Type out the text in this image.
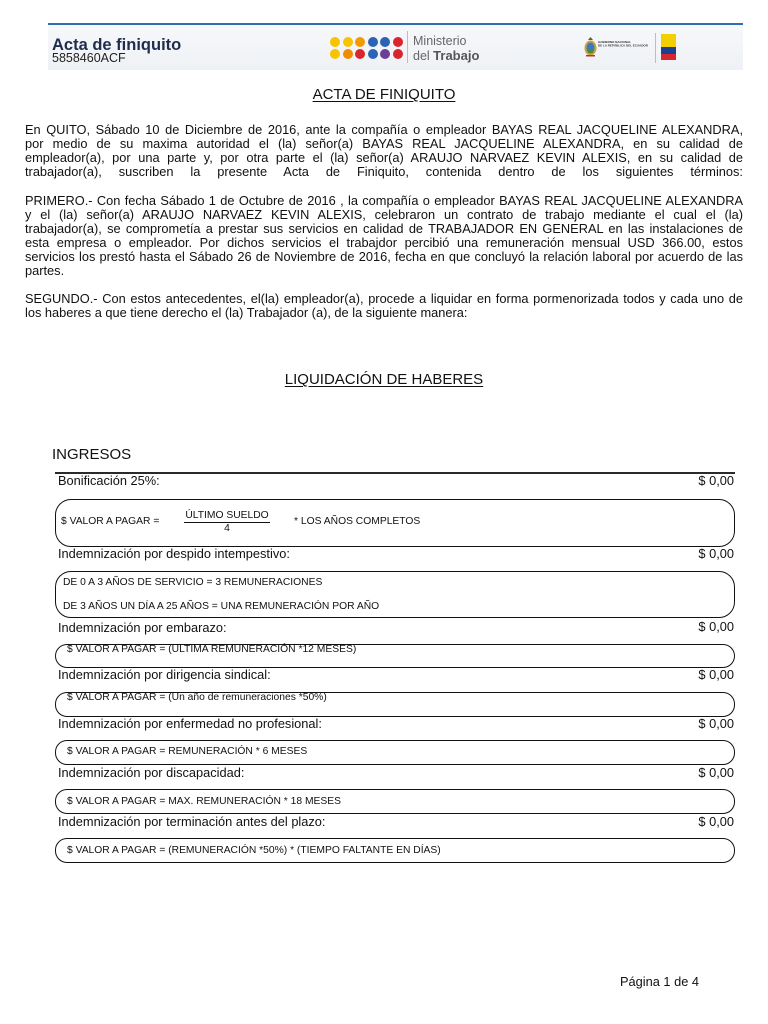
Acta de finiquito
5858460ACF
Ministerio
del Trabajo
GOBIERNO NACIONAL
DE LA REPÚBLICA DEL ECUADOR
ACTA DE FINIQUITO
En QUITO, Sábado 10 de Diciembre de 2016, ante la compañía o empleador BAYAS REAL JACQUELINE ALEXANDRA,
por medio de su maxima autoridad el (la) señor(a) BAYAS REAL JACQUELINE ALEXANDRA, en su calidad de
empleador(a), por una parte y, por otra parte el (la) señor(a) ARAUJO NARVAEZ KEVIN ALEXIS, en su calidad de
trabajador(a), suscriben la presente Acta de Finiquito, contenida dentro de los siguientes términos:
PRIMERO.- Con fecha Sábado 1 de Octubre de 2016 , la compañía o empleador BAYAS REAL JACQUELINE ALEXANDRA
y el (la) señor(a) ARAUJO NARVAEZ KEVIN ALEXIS, celebraron un contrato de trabajo mediante el cual el (la)
trabajador(a), se comprometía a prestar sus servicios en calidad de TRABAJADOR EN GENERAL en las instalaciones de
esta empresa o empleador. Por dichos servicios el trabajdor percibió una remuneración mensual USD 366.00, estos
servicios los prestó hasta el Sábado 26 de Noviembre de 2016, fecha en que concluyó la relación laboral por acuerdo de las
partes.
SEGUNDO.- Con estos antecedentes, el(la) empleador(a), procede a liquidar en forma pormenorizada todos y cada uno de
los haberes a que tiene derecho el (la) Trabajador (a), de la siguiente manera:
LIQUIDACIÓN DE HABERES
INGRESOS
Bonificación 25%:	$ 0,00
$ VALOR A PAGAR =
ÚLTIMO SUELDO
4
* LOS AÑOS COMPLETOS
Indemnización por despido intempestivo:	$ 0,00
DE 0 A 3 AÑOS DE SERVICIO = 3 REMUNERACIONES
DE 3 AÑOS UN DÍA A 25 AÑOS = UNA REMUNERACIÓN POR AÑO
Indemnización por embarazo:	$ 0,00
$ VALOR A PAGAR = (ULTIMA REMUNERACIÓN *12 MESES)
Indemnización por dirigencia sindical:	$ 0,00
$ VALOR A PAGAR = (Un año de remuneraciones *50%)
Indemnización por enfermedad no profesional:	$ 0,00
$ VALOR A PAGAR = REMUNERACIÓN * 6 MESES
Indemnización por discapacidad:	$ 0,00
$ VALOR A PAGAR = MAX. REMUNERACIÓN * 18 MESES
Indemnización por terminación antes del plazo:	$ 0,00
$ VALOR A PAGAR = (REMUNERACIÓN *50%) * (TIEMPO FALTANTE EN DÍAS)
Página 1 de 4
